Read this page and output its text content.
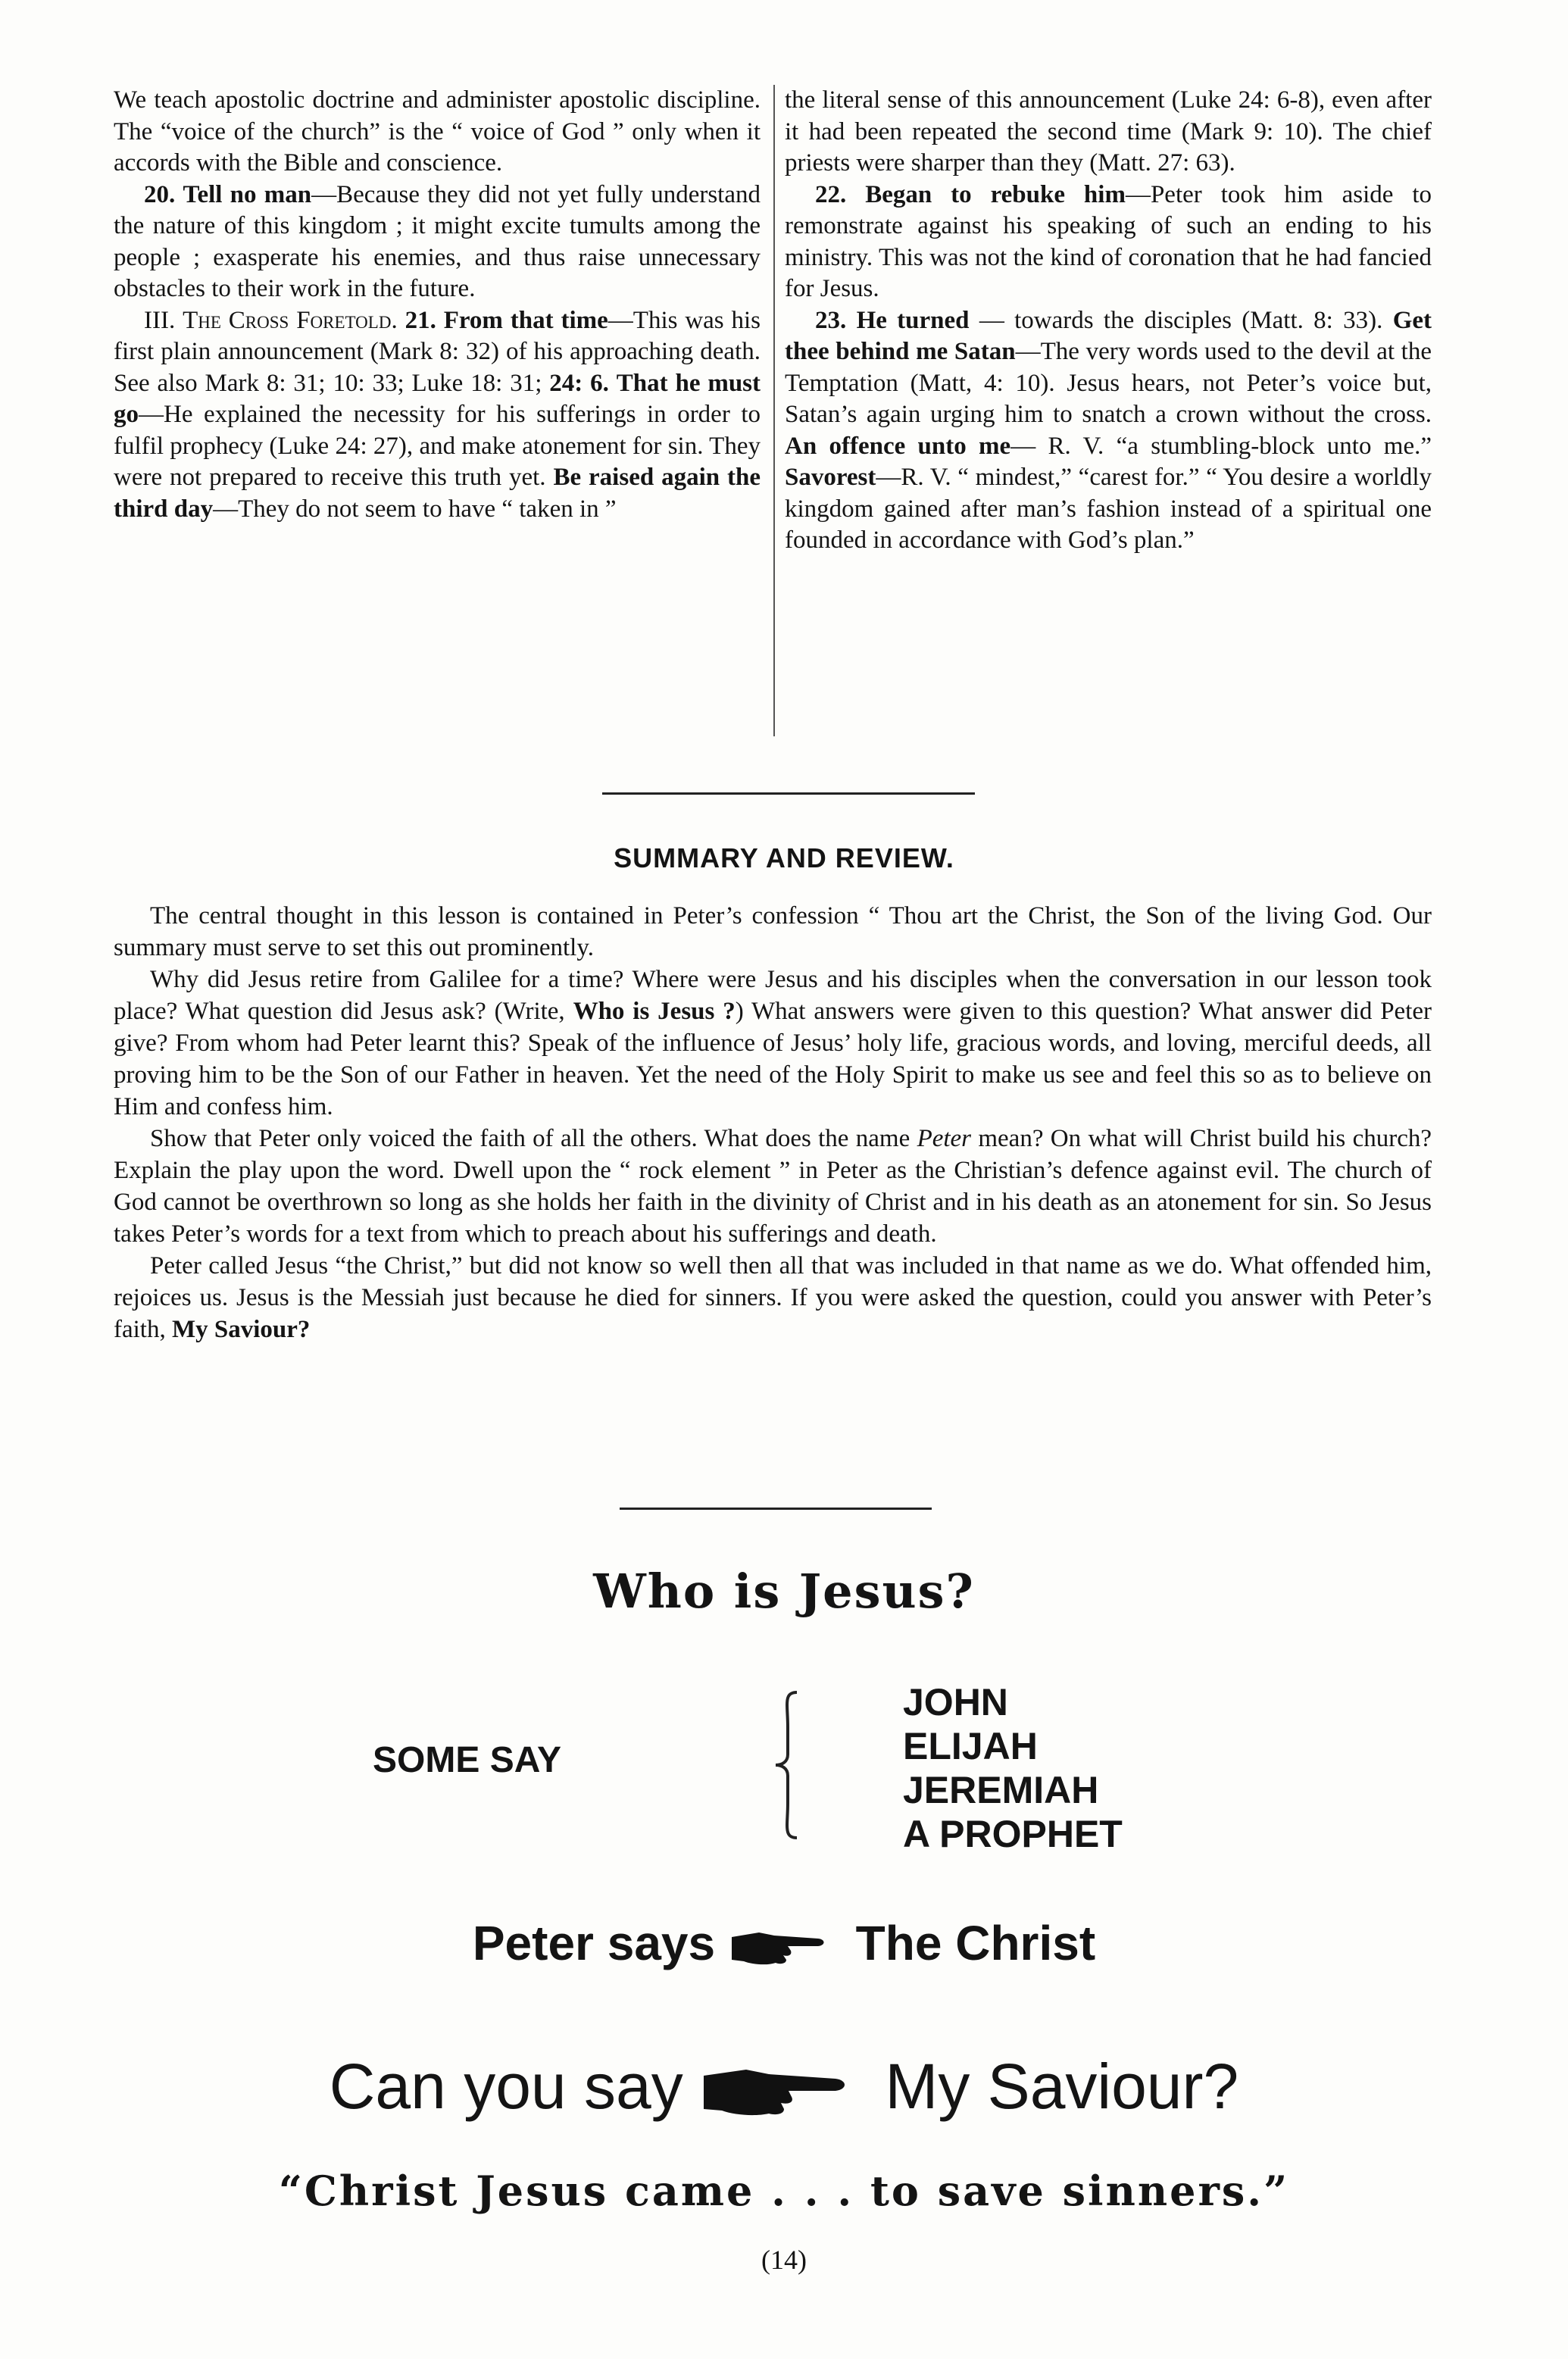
We teach apostolic doctrine and administer apostolic discipline. The “voice of the church” is the “ voice of God ” only when it accords with the Bible and conscience.

20. Tell no man—Because they did not yet fully understand the nature of this kingdom ; it might excite tumults among the people ; exasperate his enemies, and thus raise unnecessary obstacles to their work in the future.

III. The Cross Foretold. 21. From that time—This was his first plain announcement (Mark 8: 32) of his approaching death. See also Mark 8: 31; 10: 33; Luke 18: 31; 24: 6. That he must go—He explained the necessity for his sufferings in order to fulfil prophecy (Luke 24: 27), and make atonement for sin. They were not prepared to receive this truth yet. Be raised again the third day—They do not seem to have “ taken in ”

the literal sense of this announcement (Luke 24: 6-8), even after it had been repeated the second time (Mark 9: 10). The chief priests were sharper than they (Matt. 27: 63).

22. Began to rebuke him—Peter took him aside to remonstrate against his speaking of such an ending to his ministry. This was not the kind of coronation that he had fancied for Jesus.

23. He turned — towards the disciples (Matt. 8: 33). Get thee behind me Satan—The very words used to the devil at the Temptation (Matt, 4: 10). Jesus hears, not Peter’s voice but, Satan’s again urging him to snatch a crown without the cross. An offence unto me— R. V. “a stumbling-block unto me.” Savorest—R. V. “ mindest,” “carest for.” “ You desire a worldly kingdom gained after man’s fashion instead of a spiritual one founded in accordance with God’s plan.”

SUMMARY AND REVIEW.

The central thought in this lesson is contained in Peter’s confession “ Thou art the Christ, the Son of the living God. Our summary must serve to set this out prominently.

Why did Jesus retire from Galilee for a time? Where were Jesus and his disciples when the conversation in our lesson took place? What question did Jesus ask? (Write, Who is Jesus ?) What answers were given to this question? What answer did Peter give? From whom had Peter learnt this? Speak of the influence of Jesus’ holy life, gracious words, and loving, merciful deeds, all proving him to be the Son of our Father in heaven. Yet the need of the Holy Spirit to make us see and feel this so as to believe on Him and confess him.

Show that Peter only voiced the faith of all the others. What does the name Peter mean? On what will Christ build his church? Explain the play upon the word. Dwell upon the “ rock element ” in Peter as the Christian’s defence against evil. The church of God cannot be overthrown so long as she holds her faith in the divinity of Christ and in his death as an atonement for sin. So Jesus takes Peter’s words for a text from which to preach about his sufferings and death.

Peter called Jesus “the Christ,” but did not know so well then all that was included in that name as we do. What offended him, rejoices us. Jesus is the Messiah just because he died for sinners. If you were asked the question, could you answer with Peter’s faith, My Saviour?

Who is Jesus?
SOME SAY
JOHN
ELIJAH
JEREMIAH
A PROPHET
Peter says	The Christ
Can you say	My Saviour?
“Christ Jesus came . . . to save sinners.”
(14)
